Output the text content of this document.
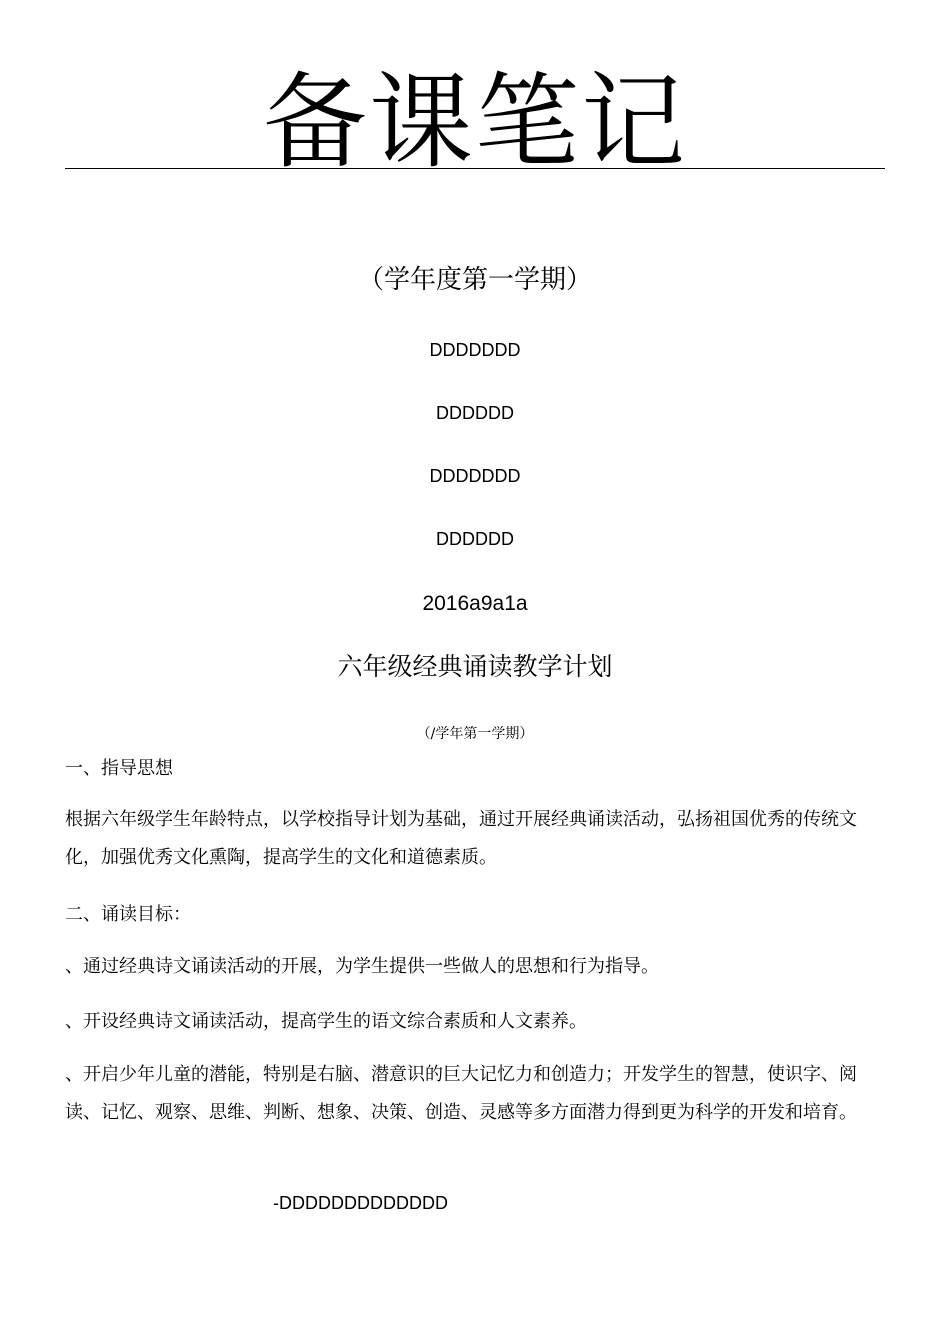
备课笔记
（学年度第一学期）
DDDDDDD
DDDDDD
DDDDDDD
DDDDDD
2016a9a1a
六年级经典诵读教学计划
（/学年第一学期）
一、指导思想
根据六年级学生年龄特点，以学校指导计划为基础，通过开展经典诵读活动，弘扬祖国优秀的传统文化，加强优秀文化熏陶，提高学生的文化和道德素质。
二、诵读目标：
、通过经典诗文诵读活动的开展，为学生提供一些做人的思想和行为指导。
、开设经典诗文诵读活动，提高学生的语文综合素质和人文素养。
、开启少年儿童的潜能，特别是右脑、潜意识的巨大记忆力和创造力；开发学生的智慧，使识字、阅读、记忆、观察、思维、判断、想象、决策、创造、灵感等多方面潜力得到更为科学的开发和培育。
-DDDDDDDDDDDDD
